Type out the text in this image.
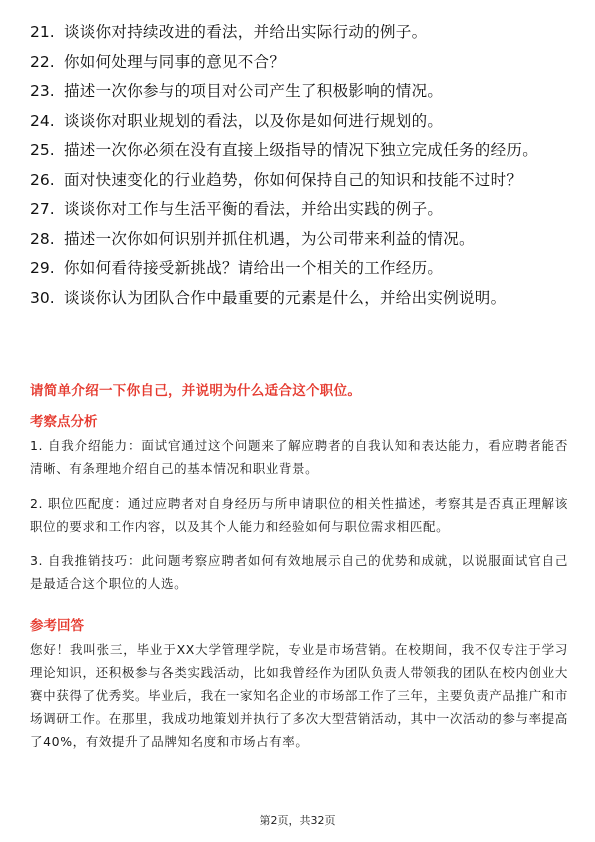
21. 谈谈你对持续改进的看法，并给出实际行动的例子。
22. 你如何处理与同事的意见不合？
23. 描述一次你参与的项目对公司产生了积极影响的情况。
24. 谈谈你对职业规划的看法，以及你是如何进行规划的。
25. 描述一次你必须在没有直接上级指导的情况下独立完成任务的经历。
26. 面对快速变化的行业趋势，你如何保持自己的知识和技能不过时？
27. 谈谈你对工作与生活平衡的看法，并给出实践的例子。
28. 描述一次你如何识别并抓住机遇，为公司带来利益的情况。
29. 你如何看待接受新挑战？请给出一个相关的工作经历。
30. 谈谈你认为团队合作中最重要的元素是什么，并给出实例说明。
请简单介绍一下你自己，并说明为什么适合这个职位。
考察点分析
1. 自我介绍能力：面试官通过这个问题来了解应聘者的自我认知和表达能力，看应聘者能否清晰、有条理地介绍自己的基本情况和职业背景。
2. 职位匹配度：通过应聘者对自身经历与所申请职位的相关性描述，考察其是否真正理解该职位的要求和工作内容，以及其个人能力和经验如何与职位需求相匹配。
3. 自我推销技巧：此问题考察应聘者如何有效地展示自己的优势和成就，以说服面试官自己是最适合这个职位的人选。
参考回答
您好！我叫张三，毕业于XX大学管理学院，专业是市场营销。在校期间，我不仅专注于学习理论知识，还积极参与各类实践活动，比如我曾经作为团队负责人带领我的团队在校内创业大赛中获得了优秀奖。毕业后，我在一家知名企业的市场部工作了三年，主要负责产品推广和市场调研工作。在那里，我成功地策划并执行了多次大型营销活动，其中一次活动的参与率提高了40%，有效提升了品牌知名度和市场占有率。
第2页，共32页
